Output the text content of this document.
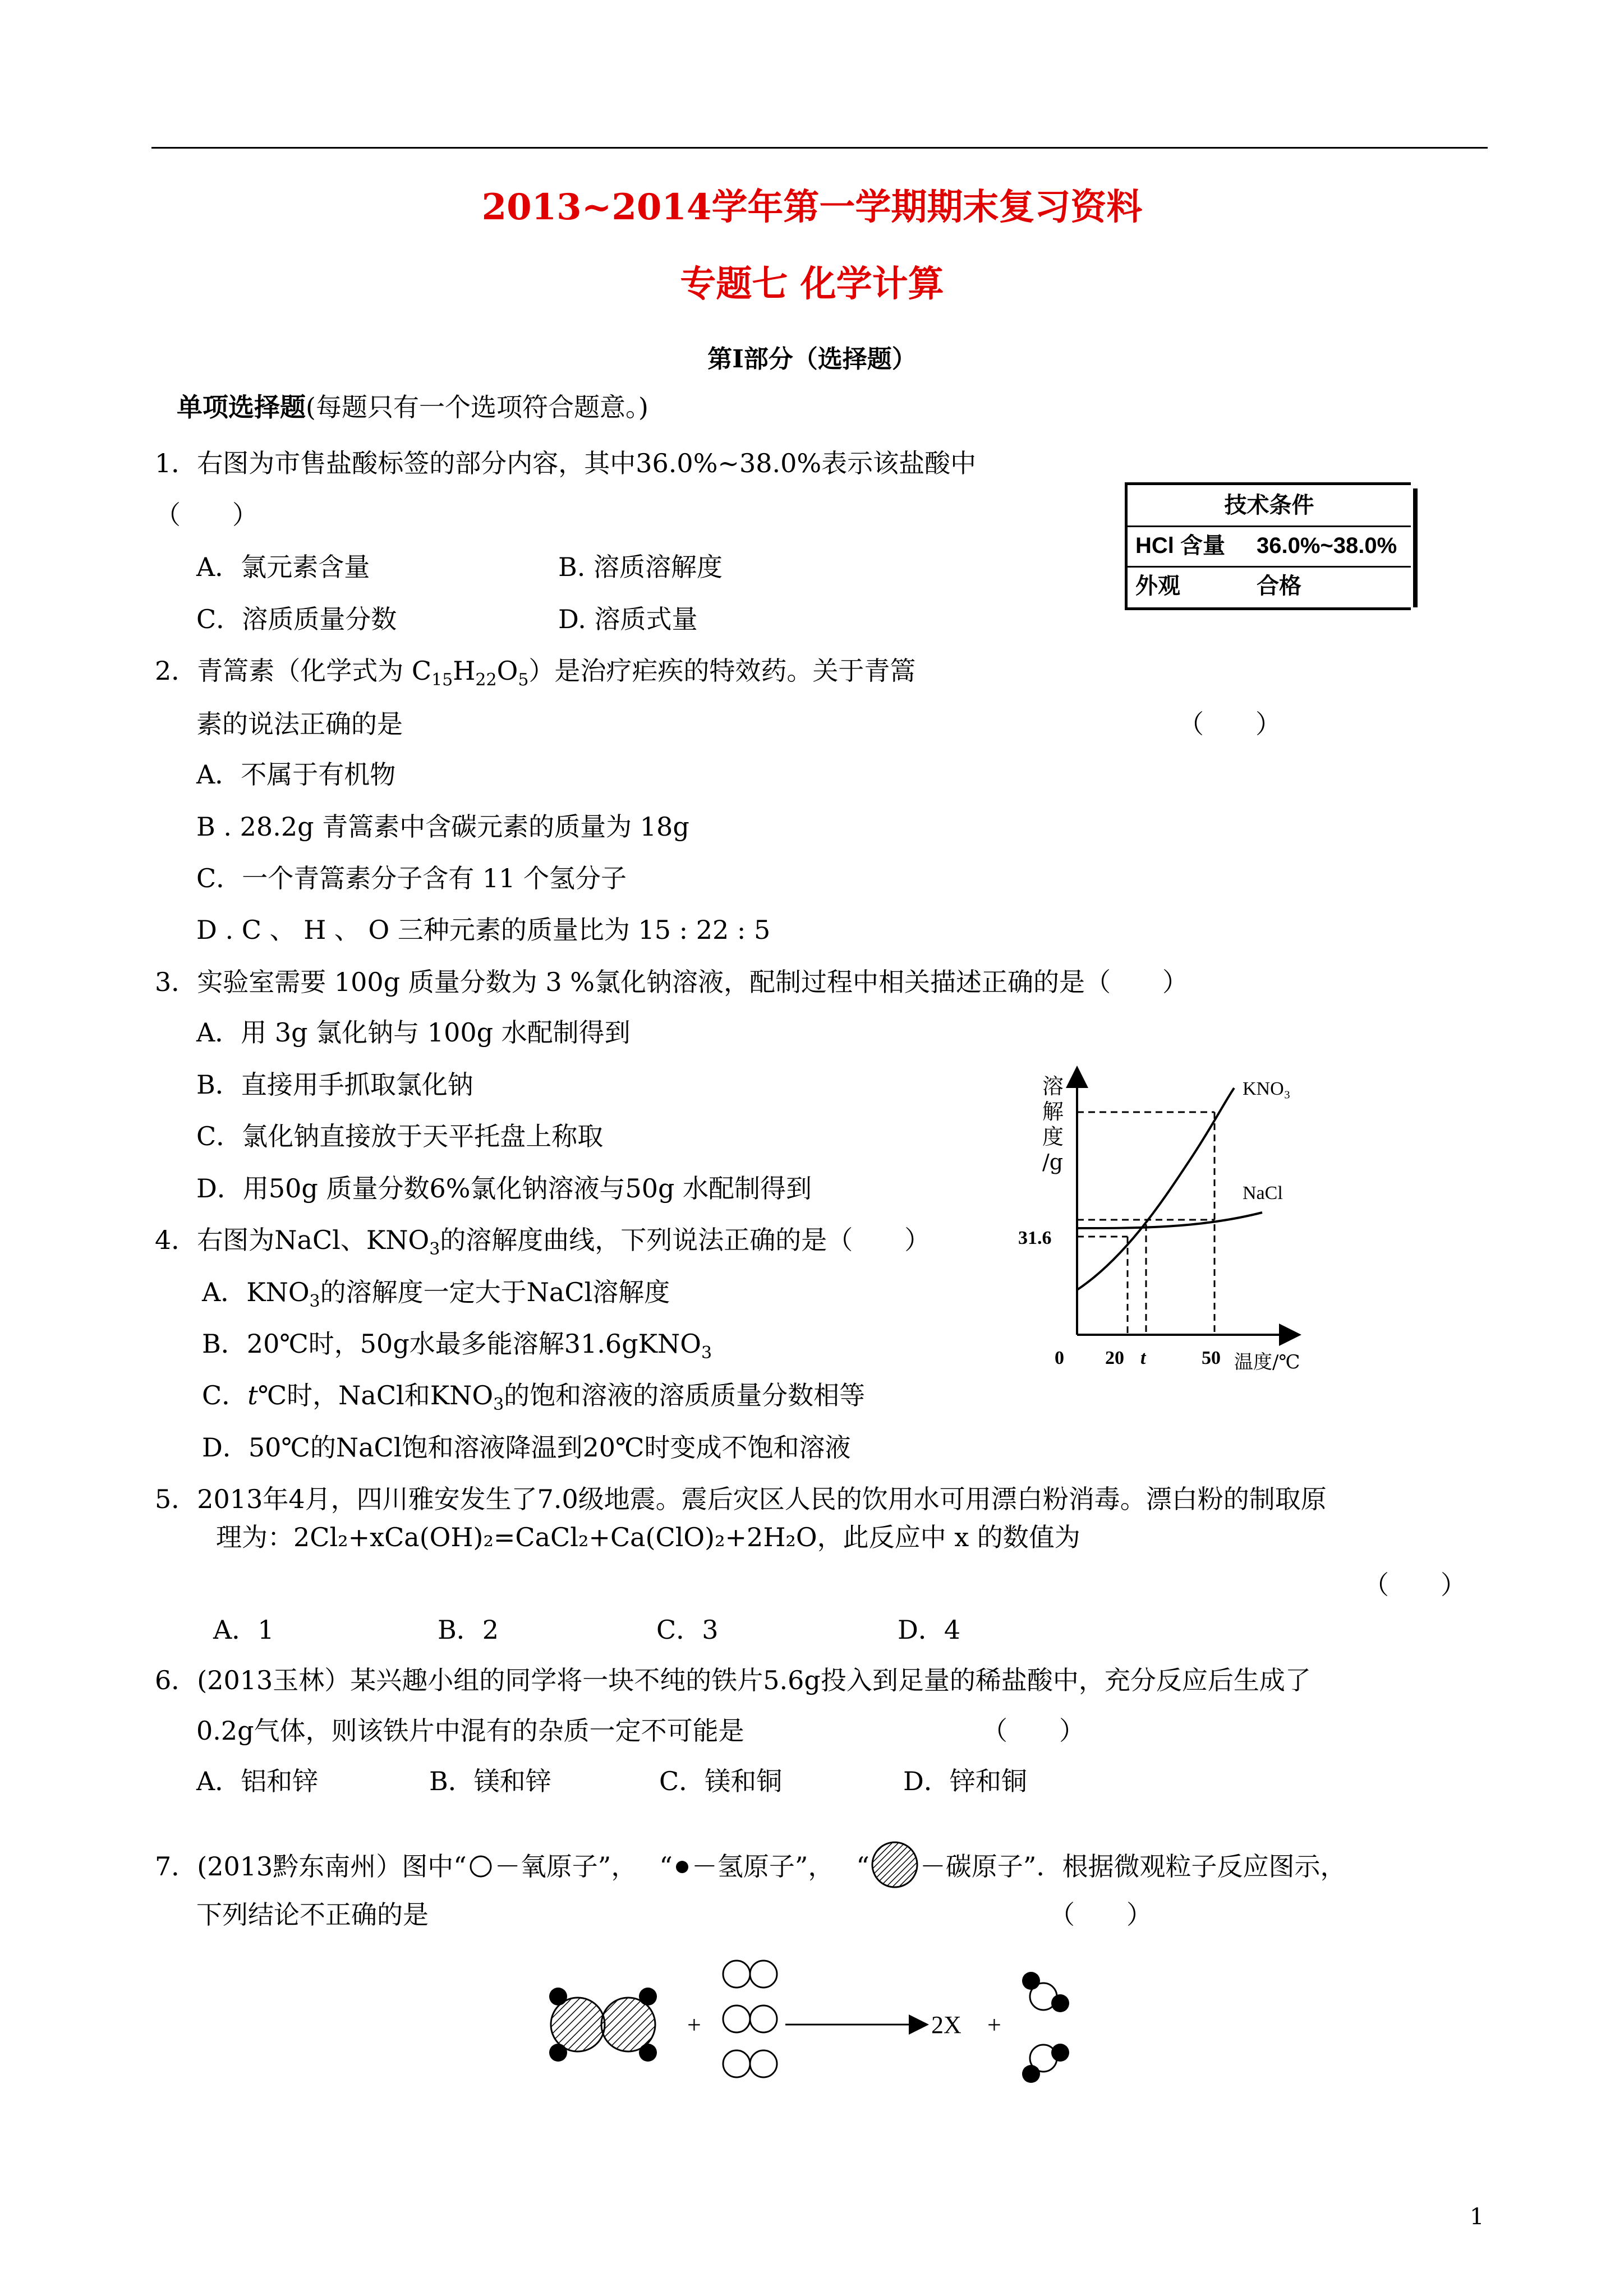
2013~2014学年第一学期期末复习资料
专题七 化学计算
第Ⅰ部分（选择题）
单项选择题(每题只有一个选项符合题意。)
1．右图为市售盐酸标签的部分内容，其中36.0%~38.0%表示该盐酸中
（　　）
A．氯元素含量	B. 溶质溶解度
C．溶质质量分数	D. 溶质式量
技术条件
HCl 含量 36.0%~38.0%
外观	合格
2．青篙素（化学式为 $C_{15}H_{22}O_5$）是治疗疟疾的特效药。关于青篙
素的说法正确的是	（　　）
A．不属于有机物
B . 28.2g 青篙素中含碳元素的质量为 18g
C．一个青篙素分子含有 11 个氢分子
D . C 、 H 、 O 三种元素的质量比为 15 : 22 : 5
3．实验室需要 100g 质量分数为 3 %氯化钠溶液，配制过程中相关描述正确的是（　　）
A．用 3g 氯化钠与 100g 水配制得到
B．直接用手抓取氯化钠
C．氯化钠直接放于天平托盘上称取
D．用50g 质量分数6%氯化钠溶液与50g 水配制得到
溶
解
度
/g
31.6
0 20 t	50 温度/℃
KNO₃
NaCl
4．右图为NaCl、$KNO_3$的溶解度曲线，下列说法正确的是（　　）
A．$KNO_3$的溶解度一定大于NaCl溶解度
B．20℃时，50g水最多能溶解31.6gKNO$_3$
C．t℃时，NaCl和$KNO_3$的饱和溶液的溶质质量分数相等
D．50℃的NaCl饱和溶液降温到20℃时变成不饱和溶液
5．2013年4月，四川雅安发生了7.0级地震。震后灾区人民的饮用水可用漂白粉消毒。漂白粉的制取原
理为：2Cl₂+xCa(OH)₂=CaCl₂+Ca(ClO)₂+2H₂O，此反应中 x 的数值为
（　　）
A．1	B．2	C．3	D．4
6．(2013玉林）某兴趣小组的同学将一块不纯的铁片5.6g投入到足量的稀盐酸中，充分反应后生成了
0.2g气体，则该铁片中混有的杂质一定不可能是	（　　）
A．铝和锌	B．镁和锌	C．镁和铜	D．锌和铜
7．(2013黔东南州）图中“ －氧原子”， “ －氢原子”， “ －碳原子”．根据微观粒子反应图示，
下列结论不正确的是	（　　）
+	2X +
1
